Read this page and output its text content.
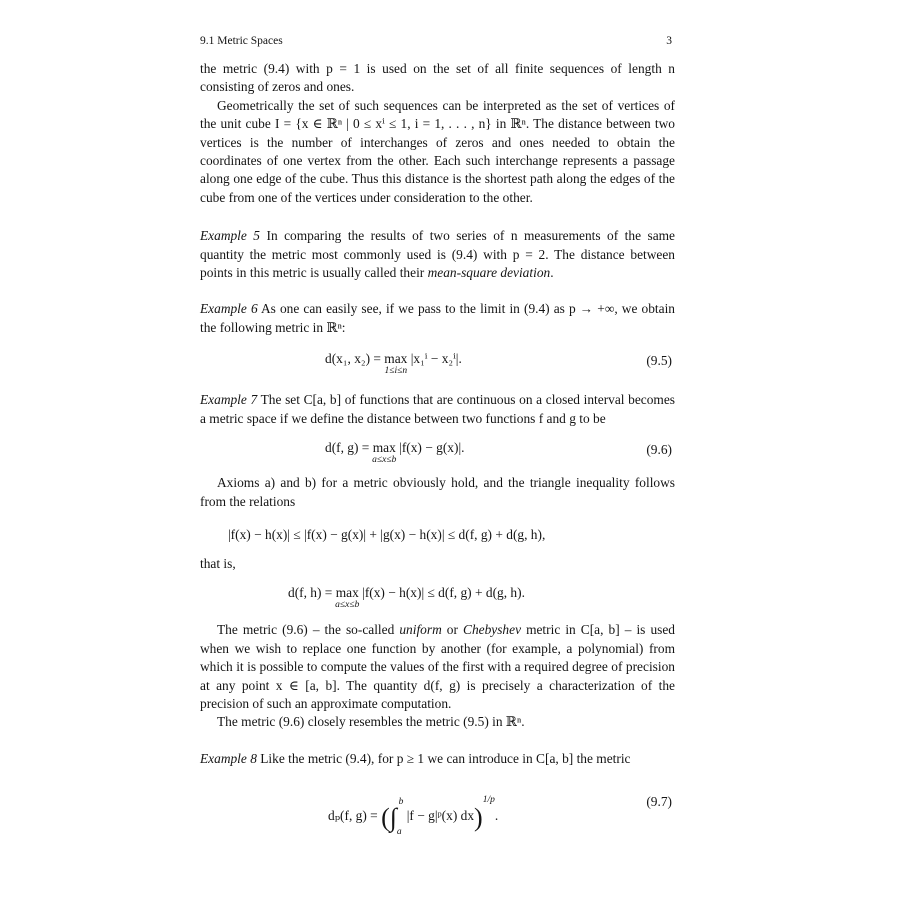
9.1 Metric Spaces	3

the metric (9.4) with p = 1 is used on the set of all finite sequences of length n consisting of zeros and ones.

Geometrically the set of such sequences can be interpreted as the set of vertices of the unit cube I = {x ∈ ℝⁿ | 0 ≤ xⁱ ≤ 1, i = 1, . . . , n} in ℝⁿ. The distance between two vertices is the number of interchanges of zeros and ones needed to obtain the coordinates of one vertex from the other. Each such interchange represents a passage along one edge of the cube. Thus this distance is the shortest path along the edges of the cube from one of the vertices under consideration to the other.

Example 5 In comparing the results of two series of n measurements of the same quantity the metric most commonly used is (9.4) with p = 2. The distance between points in this metric is usually called their mean-square deviation.

Example 6 As one can easily see, if we pass to the limit in (9.4) as p → +∞, we obtain the following metric in ℝⁿ:

d(x₁, x₂) = max
1≤i≤n
|x₁ⁱ − x₂ⁱ|.	(9.5)

Example 7 The set C[a, b] of functions that are continuous on a closed interval becomes a metric space if we define the distance between two functions f and g to be

d(f, g) = max
a≤x≤b
|f(x) − g(x)|.	(9.6)

Axioms a) and b) for a metric obviously hold, and the triangle inequality follows from the relations

|f(x) − h(x)| ≤ |f(x) − g(x)| + |g(x) − h(x)| ≤ d(f, g) + d(g, h),

that is,

d(f, h) = max
a≤x≤b
|f(x) − h(x)| ≤ d(f, g) + d(g, h).

The metric (9.6) – the so-called uniform or Chebyshev metric in C[a, b] – is used when we wish to replace one function by another (for example, a polynomial) from which it is possible to compute the values of the first with a required degree of precision at any point x ∈ [a, b]. The quantity d(f, g) is precisely a characterization of the precision of such an approximate computation.

The metric (9.6) closely resembles the metric (9.5) in ℝⁿ.

Example 8 Like the metric (9.4), for p ≥ 1 we can introduce in C[a, b] the metric

dₚ(f, $g) = (\int_a^b$ |f − g|ᵖ(x) dx)$^{1/p}$.
(9.7)
